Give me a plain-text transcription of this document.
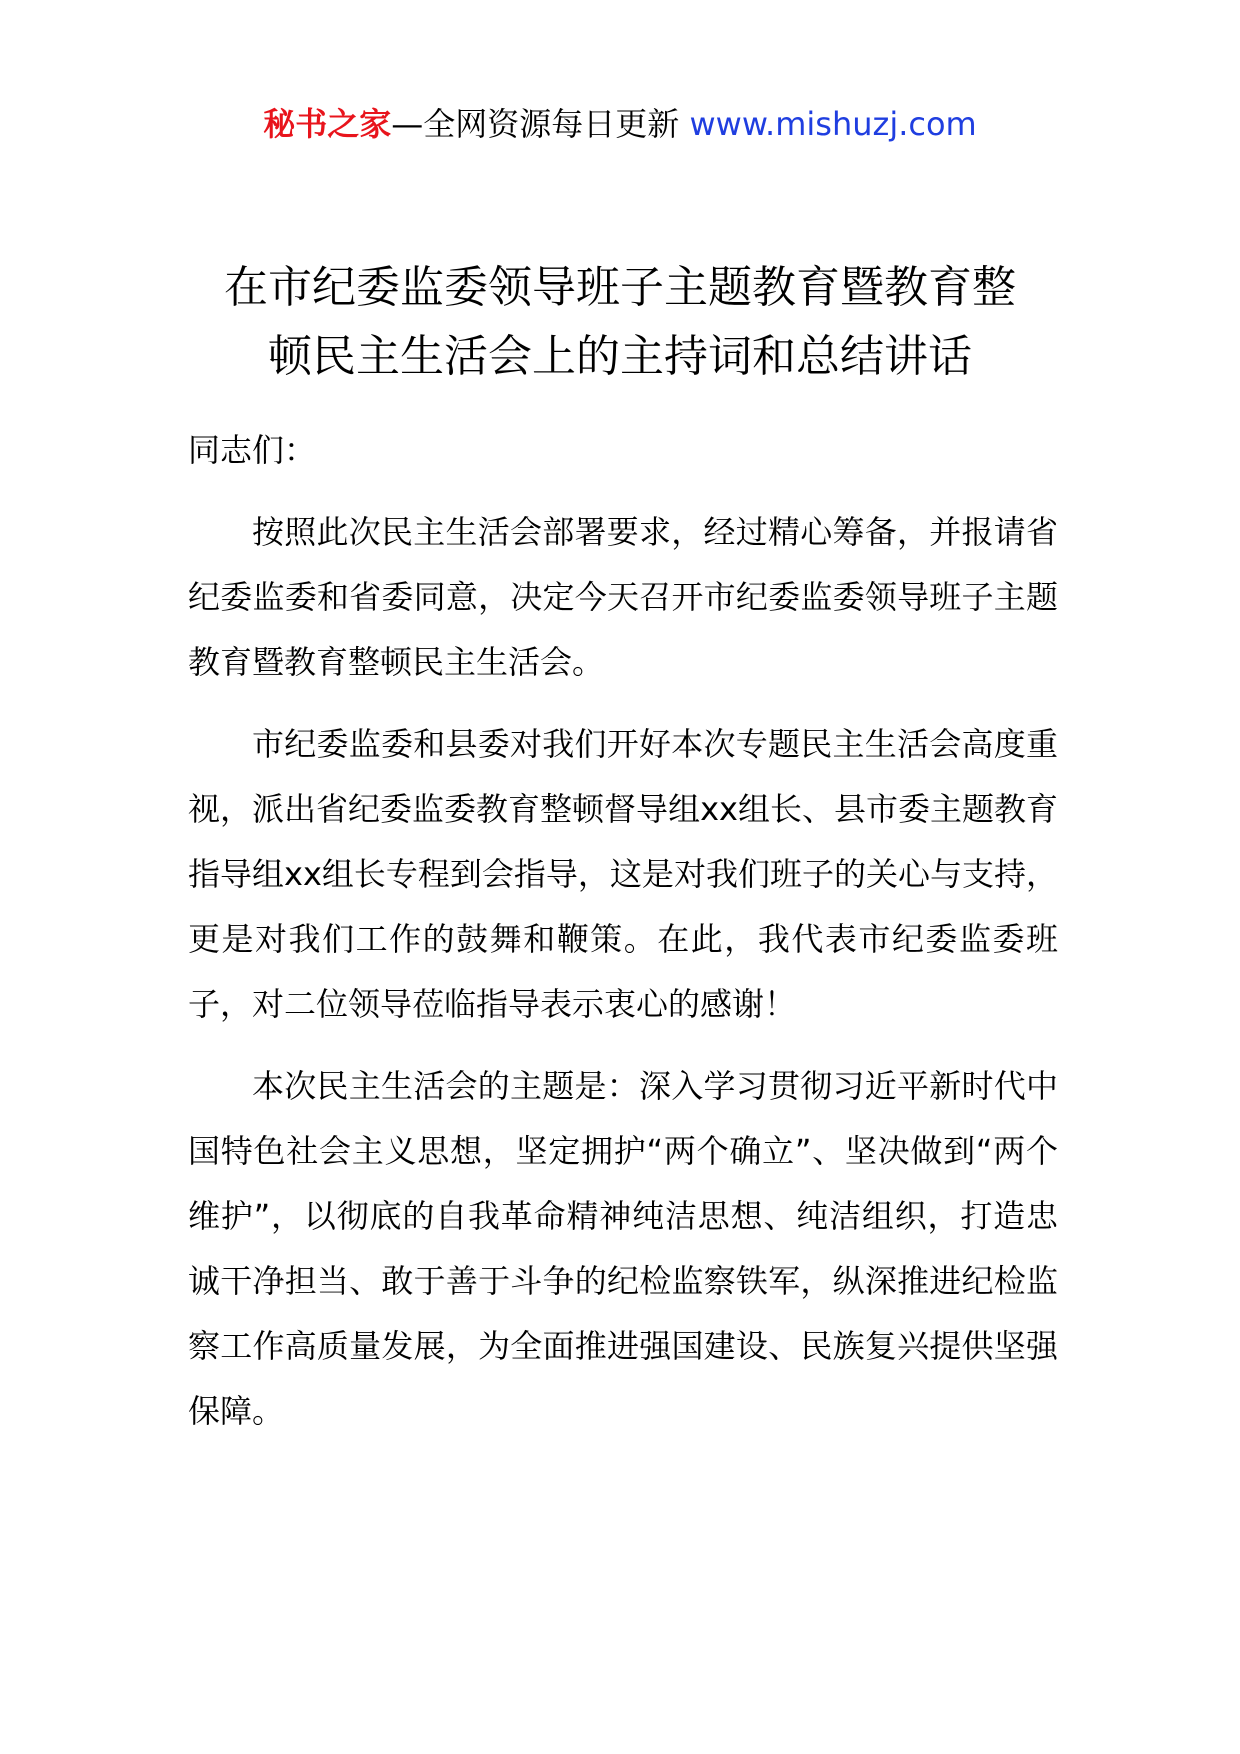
秘书之家—全网资源每日更新 www.mishuzj.com
在市纪委监委领导班子主题教育暨教育整
顿民主生活会上的主持词和总结讲话

同志们：

按照此次民主生活会部署要求，经过精心筹备，并报请省纪委监委和省委同意，决定今天召开市纪委监委领导班子主题教育暨教育整顿民主生活会。

市纪委监委和县委对我们开好本次专题民主生活会高度重视，派出省纪委监委教育整顿督导组xx组长、县市委主题教育指导组xx组长专程到会指导，这是对我们班子的关心与支持，更是对我们工作的鼓舞和鞭策。在此，我代表市纪委监委班子，对二位领导莅临指导表示衷心的感谢！

本次民主生活会的主题是：深入学习贯彻习近平新时代中国特色社会主义思想，坚定拥护“两个确立”、坚决做到“两个维护”，以彻底的自我革命精神纯洁思想、纯洁组织，打造忠诚干净担当、敢于善于斗争的纪检监察铁军，纵深推进纪检监察工作高质量发展，为全面推进强国建设、民族复兴提供坚强保障。
